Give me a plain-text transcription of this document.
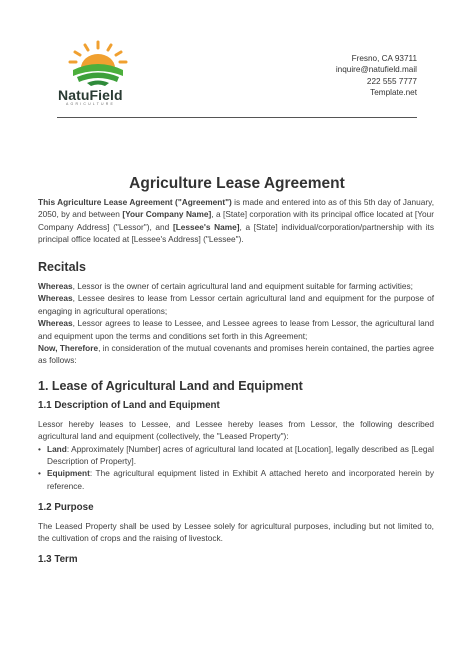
NatuField
AGRICULTURE
Fresno, CA 93711
inquire@natufield.mail
222 555 7777
Template.net
Agriculture Lease Agreement
This Agriculture Lease Agreement ("Agreement") is made and entered into as of this 5th day of January, 2050, by and between [Your Company Name], a [State] corporation with its principal office located at [Your Company Address] ("Lessor"), and [Lessee's Name], a [State] individual/corporation/partnership with its principal office located at [Lessee's Address] ("Lessee").
Recitals
Whereas, Lessor is the owner of certain agricultural land and equipment suitable for farming activities;
Whereas, Lessee desires to lease from Lessor certain agricultural land and equipment for the purpose of engaging in agricultural operations;
Whereas, Lessor agrees to lease to Lessee, and Lessee agrees to lease from Lessor, the agricultural land and equipment upon the terms and conditions set forth in this Agreement;
Now, Therefore, in consideration of the mutual covenants and promises herein contained, the parties agree as follows:
1. Lease of Agricultural Land and Equipment
1.1 Description of Land and Equipment
Lessor hereby leases to Lessee, and Lessee hereby leases from Lessor, the following described agricultural land and equipment (collectively, the "Leased Property"):
• Land: Approximately [Number] acres of agricultural land located at [Location], legally described as [Legal Description of Property].
• Equipment: The agricultural equipment listed in Exhibit A attached hereto and incorporated herein by reference.
1.2 Purpose
The Leased Property shall be used by Lessee solely for agricultural purposes, including but not limited to, the cultivation of crops and the raising of livestock.
1.3 Term
